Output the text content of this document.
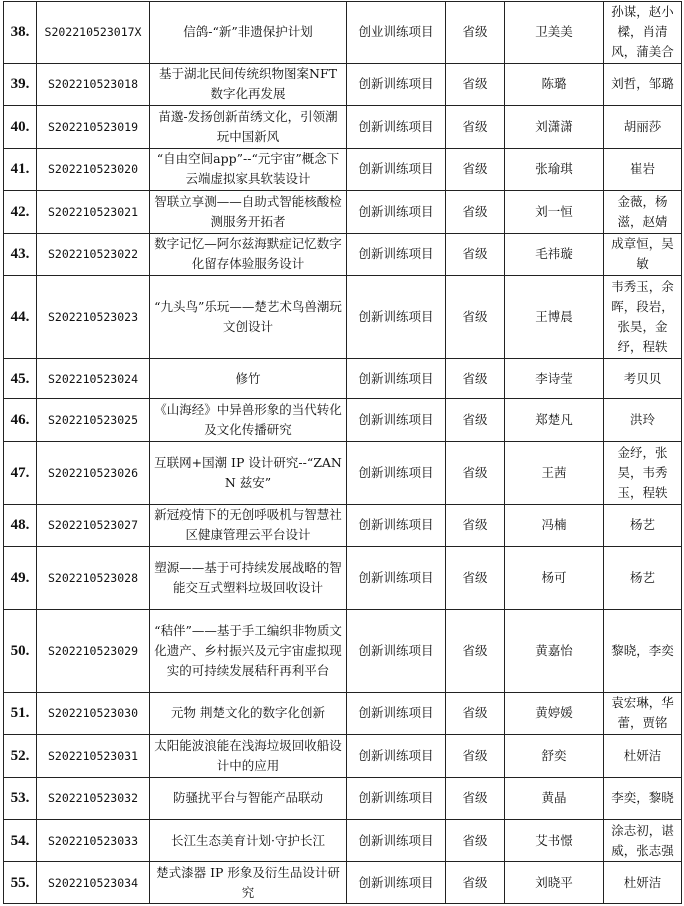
38.	S202210523017X	信鸽-“新”非遗保护计划	创业训练项目	省级	卫美美	孙谋，赵小樑，肖清风，蒲美合
39.	S202210523018	基于湖北民间传统织物图案NFT数字化再发展	创新训练项目	省级	陈璐	刘哲，邹璐
40.	S202210523019	苗邈-发扬创新苗绣文化，引领潮玩中国新风	创新训练项目	省级	刘潇潇	胡丽莎
41.	S202210523020	“自由空间app”--“元宇宙”概念下云端虚拟家具软装设计	创新训练项目	省级	张瑜琪	崔岩
42.	S202210523021	智联立享测——自助式智能核酸检测服务开拓者	创新训练项目	省级	刘一恒	金薇，杨滋，赵婧
43.	S202210523022	数字记忆—阿尔兹海默症记忆数字化留存体验服务设计	创新训练项目	省级	毛祎璇	成章恒，吴敏
44.	S202210523023	“九头鸟”乐玩——楚艺术鸟兽潮玩文创设计	创新训练项目	省级	王博晨	韦秀玉，余晖，段岩，张昊，金纾，程轶
45.	S202210523024	修竹	创新训练项目	省级	李诗莹	考贝贝
46.	S202210523025	《山海经》中异兽形象的当代转化及文化传播研究	创新训练项目	省级	郑楚凡	洪玲
47.	S202210523026	互联网+国潮 IP 设计研究--“ZANN 兹安”	创新训练项目	省级	王茜	金纾，张昊，韦秀玉，程轶
48.	S202210523027	新冠疫情下的无创呼吸机与智慧社区健康管理云平台设计	创新训练项目	省级	冯楠	杨艺
49.	S202210523028	塑源——基于可持续发展战略的智能交互式塑料垃圾回收设计	创新训练项目	省级	杨可	杨艺
50.	S202210523029	“秸伴”——基于手工编织非物质文化遗产、乡村振兴及元宇宙虚拟现实的可持续发展秸秆再利平台	创新训练项目	省级	黄嘉怡	黎晓，李奕
51.	S202210523030	元物 荆楚文化的数字化创新	创新训练项目	省级	黄婷媛	袁宏琳，华蕾，贾铭
52.	S202210523031	太阳能波浪能在浅海垃圾回收船设计中的应用	创新训练项目	省级	舒奕	杜妍洁
53.	S202210523032	防骚扰平台与智能产品联动	创新训练项目	省级	黄晶	李奕，黎晓
54.	S202210523033	长江生态美育计划·守护长江	创新训练项目	省级	艾书憬	涂志初，谌威，张志强
55.	S202210523034	楚式漆器 IP 形象及衍生品设计研究	创新训练项目	省级	刘晓平	杜妍洁
